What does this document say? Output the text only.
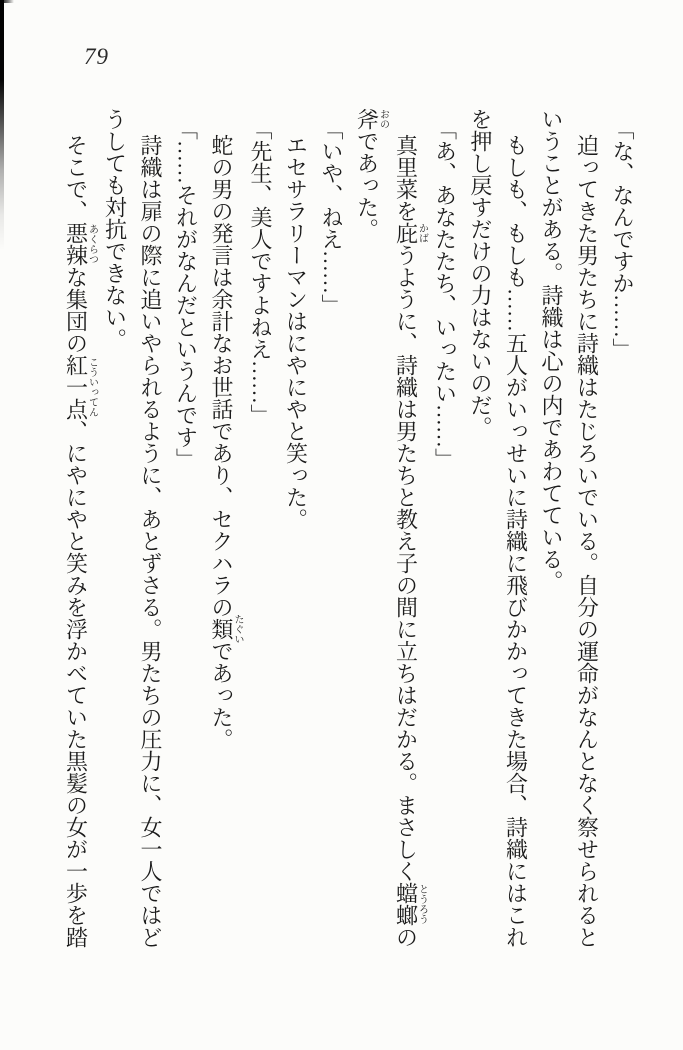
79

「な、なんですか……」

迫ってきた男たちに詩織はたじろいでいる。自分の運命がなんとなく察せられると

いうことがある。詩織は心の内であわてている。

もしも、もしも……五人がいっせいに詩織に飛びかかってきた場合、詩織にはこれ

を押し戻すだけの力はないのだ。

「あ、あなたたち、いったい……」

真里菜を庇かばうように、詩織は男たちと教え子の間に立ちはだかる。まさしく蟷螂とうろうの

斧おのであった。

「いや、ねえ……」

エセサラリーマンはにやにやと笑った。

「先生、美人ですよねえ……」

蛇の男の発言は余計なお世話であり、セクハラの類たぐいであった。

「……それがなんだというんです」

詩織は扉の際に追いやられるように、あとずさる。男たちの圧力に、女一人ではど

うしても対抗できない。

そこで、悪辣あくらつな集団の紅一点こういってん、にやにやと笑みを浮かべていた黒髪の女が一歩を踏
